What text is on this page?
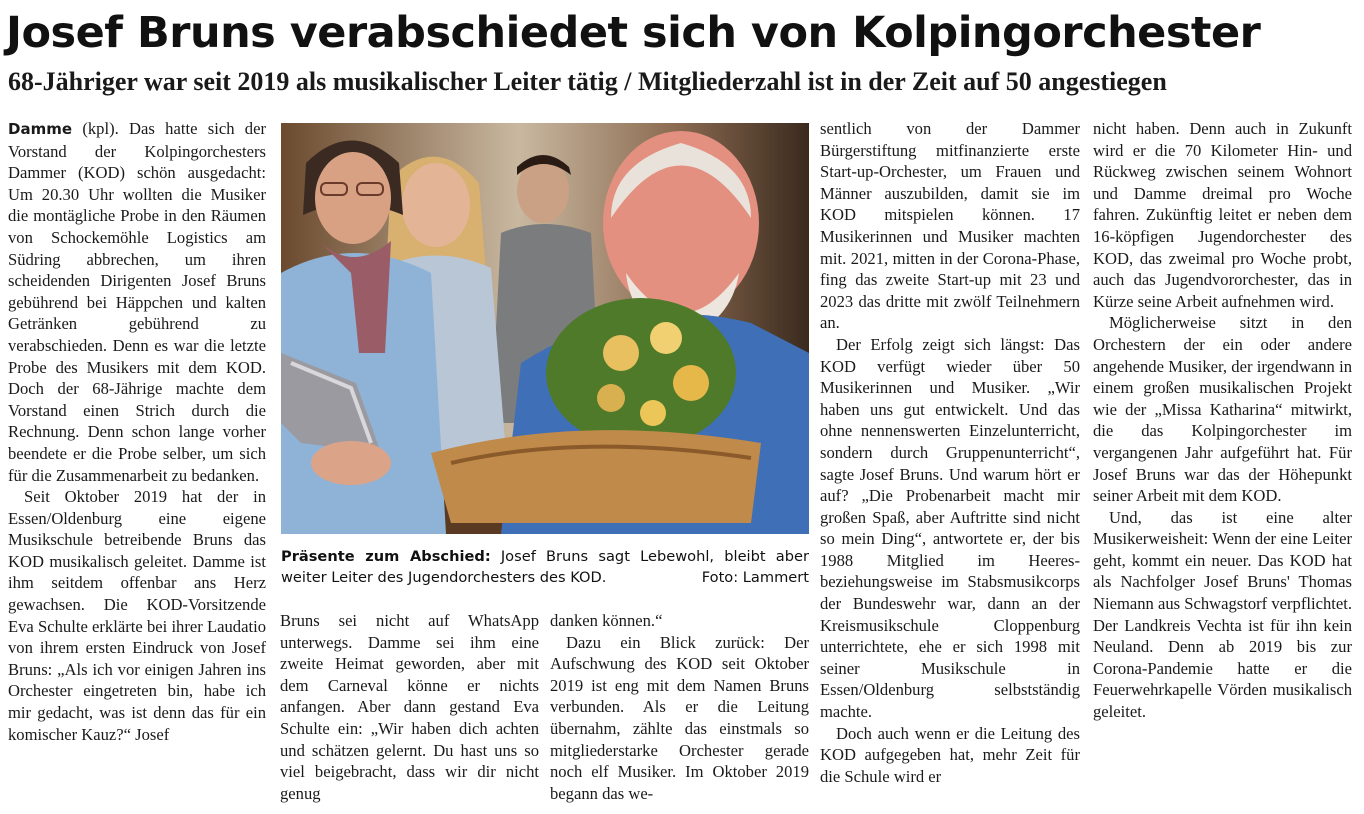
Josef Bruns verabschiedet sich von Kolpingorchester
68-Jähriger war seit 2019 als musikalischer Leiter tätig / Mitgliederzahl ist in der Zeit auf 50 angestiegen

Damme (kpl). Das hatte sich der Vorstand der Kolpingorchesters Dammer (KOD) schön ausgedacht: Um 20.30 Uhr wollten die Musiker die montägliche Probe in den Räumen von Schockemöhle Logistics am Südring abbrechen, um ihren scheidenden Dirigenten Josef Bruns gebührend bei Häppchen und kalten Getränken gebührend zu verabschieden. Denn es war die letzte Probe des Musikers mit dem KOD. Doch der 68-Jährige machte dem Vorstand einen Strich durch die Rechnung. Denn schon lange vorher beendete er die Probe selber, um sich für die Zusammenarbeit zu bedanken.

Seit Oktober 2019 hat der in Essen/Oldenburg eine eigene Musikschule betreibende Bruns das KOD musikalisch geleitet. Damme ist ihm seitdem offenbar ans Herz gewachsen. Die KOD-Vorsitzende Eva Schulte erklärte bei ihrer Laudatio von ihrem ersten Eindruck von Josef Bruns: „Als ich vor einigen Jahren ins Orchester eingetreten bin, habe ich mir gedacht, was ist denn das für ein komischer Kauz?“ Josef

Präsente zum Abschied: Josef Bruns sagt Lebewohl, bleibt aber weiter Leiter des Jugendorchesters des KOD.	Foto: Lammert

Bruns sei nicht auf WhatsApp unterwegs. Damme sei ihm eine zweite Heimat geworden, aber mit dem Carneval könne er nichts anfangen. Aber dann gestand Eva Schulte ein: „Wir haben dich achten und schätzen gelernt. Du hast uns so viel beigebracht, dass wir dir nicht genug

danken können.“

Dazu ein Blick zurück: Der Aufschwung des KOD seit Oktober 2019 ist eng mit dem Namen Bruns verbunden. Als er die Leitung übernahm, zählte das einstmals so mitgliederstarke Orchester gerade noch elf Musiker. Im Oktober 2019 begann das we-

sentlich von der Dammer Bürgerstiftung mitfinanzierte erste Start-up-Orchester, um Frauen und Männer auszubilden, damit sie im KOD mitspielen können. 17 Musikerinnen und Musiker machten mit. 2021, mitten in der Corona-Phase, fing das zweite Start-up mit 23 und 2023 das dritte mit zwölf Teilnehmern an.

Der Erfolg zeigt sich längst: Das KOD verfügt wieder über 50 Musikerinnen und Musiker. „Wir haben uns gut entwickelt. Und das ohne nennenswerten Einzelunterricht, sondern durch Gruppenunterricht“, sagte Josef Bruns. Und warum hört er auf? „Die Probenarbeit macht mir großen Spaß, aber Auftritte sind nicht so mein Ding“, antwortete er, der bis 1988 Mitglied im Heeres- beziehungsweise im Stabsmusikcorps der Bundeswehr war, dann an der Kreismusikschule Cloppenburg unterrichtete, ehe er sich 1998 mit seiner Musikschule in Essen/Oldenburg selbstständig machte.

Doch auch wenn er die Leitung des KOD aufgegeben hat, mehr Zeit für die Schule wird er

nicht haben. Denn auch in Zukunft wird er die 70 Kilometer Hin- und Rückweg zwischen seinem Wohnort und Damme dreimal pro Woche fahren. Zukünftig leitet er neben dem 16-köpfigen Jugendorchester des KOD, das zweimal pro Woche probt, auch das Jugendvororchester, das in Kürze seine Arbeit aufnehmen wird.

Möglicherweise sitzt in den Orchestern der ein oder andere angehende Musiker, der irgendwann in einem großen musikalischen Projekt wie der „Missa Katharina“ mitwirkt, die das Kolpingorchester im vergangenen Jahr aufgeführt hat. Für Josef Bruns war das der Höhepunkt seiner Arbeit mit dem KOD.

Und, das ist eine alter Musikerweisheit: Wenn der eine Leiter geht, kommt ein neuer. Das KOD hat als Nachfolger Josef Bruns' Thomas Niemann aus Schwagstorf verpflichtet. Der Landkreis Vechta ist für ihn kein Neuland. Denn ab 2019 bis zur Corona-Pandemie hatte er die Feuerwehrkapelle Vörden musikalisch geleitet.
